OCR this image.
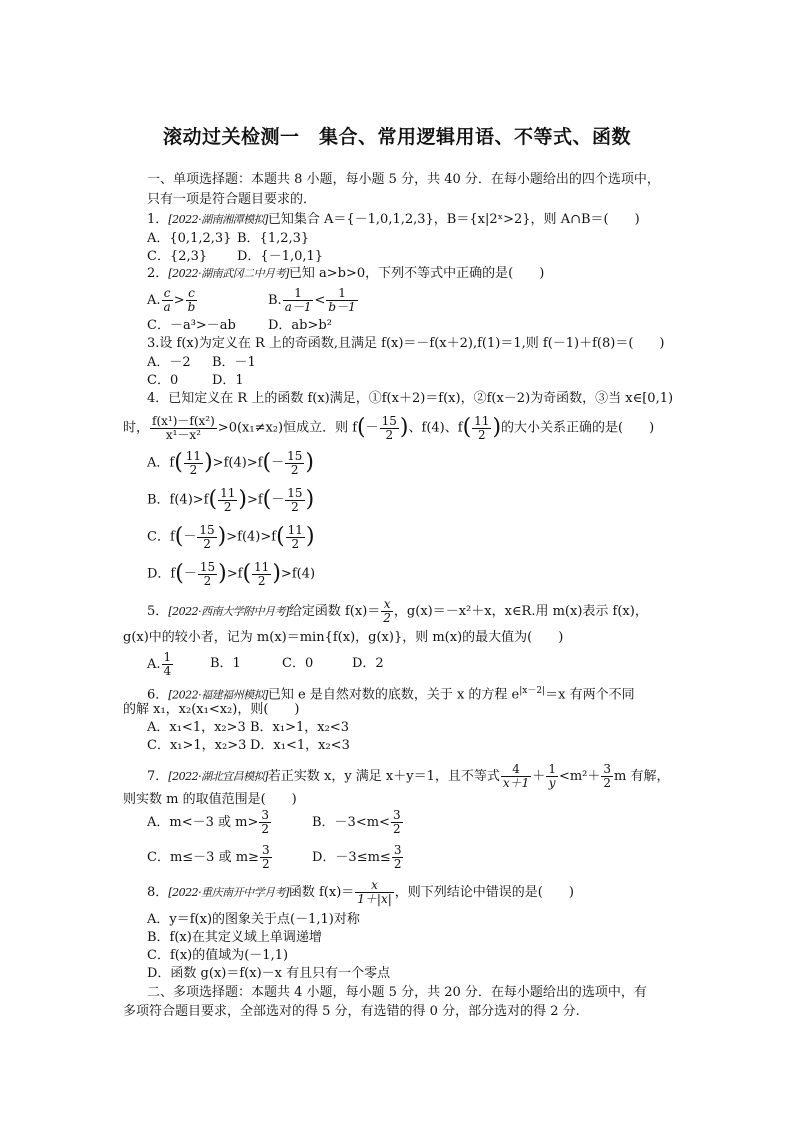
滚动过关检测一　集合、常用逻辑用语、不等式、函数
一、单项选择题：本题共 8 小题，每小题 5 分，共 40 分．在每小题给出的四个选项中，
只有一项是符合题目要求的．
1．[2022·湖南湘潭模拟]已知集合 A＝{－1,0,1,2,3}，B＝{x|2ˣ>2}，则 A∩B＝(　　)
A．{0,1,2,3} B．{1,2,3}
C．{2,3} D．{－1,0,1}
2．[2022·湖南武冈二中月考]已知 a>b>0，下列不等式中正确的是(　　)
A. $\frac{c}{a} > \frac{c}{b}$	B. $\frac{1}{a-1} < \frac{1}{b-1}$
C．－a³>－ab D．ab>b²
3.设 f(x)为定义在 R 上的奇函数,且满足 f(x)＝－f(x＋2),f(1)＝1,则 f(－1)＋f(8)＝(　　)
A．－2 B．－1
C．0	D．1
4．已知定义在 R 上的函数 f(x)满足，①f(x＋2)＝f(x)，②f(x－2)为奇函数，③当 x∈[0,1)
时， $\frac{\text{f(x¹)－f(x²)}}{\text{x¹－x²}} >0(x_1\ne x_2)$恒成立．则 $f(- \frac{15}{2}$ )、f(4)、$f( \frac{11}{2}$ )的大小关系正确的是(　　)
A．$f( \frac{11}{2} )>f(4)>f(- \frac{15}{2}$ )
B．$f(4)>f( \frac{11}{2} )>f(- \frac{15}{2}$ )
C．$f(- \frac{15}{2} )>f(4)>f( \frac{11}{2}$ )
D．$f(- \frac{15}{2} )>f( \frac{11}{2} )>f(4)$
5．[2022·西南大学附中月考]给定函数 $f(x)= \frac{x}{2}$ ，g(x)＝－x²＋x，x∈R.用 m(x)表示 f(x)，
g(x)中的较小者，记为 m(x)＝min{f(x)，g(x)}，则 m(x)的最大值为(　　)
A. $\frac{1}{4}$	B．1	C．0	D．2
6．[2022·福建福州模拟]已知 e 是自然对数的底数，关于 x 的方程 $e^{|x-2|}=x$ 有两个不同
的解 x₁，x₂(x₁<x₂)，则(　　)
A．x₁<1，x₂>3 B．x₁>1，x₂<3
C．x₁>1，x₂>3 D．x₁<1，x₂<3
7．[2022·湖北宜昌模拟]若正实数 x，y 满足 x＋y＝1，且不等式 $\frac{4}{x+1} + \frac{1}{y} <m^2+ \frac{3}{2}$ m 有解，
则实数 m 的取值范围是(　　)
A．m<－3 或 $m> \frac{3}{2}$	B．$-3<m< \frac{3}{2}$
C．m≤－3 或 $m\ge \frac{3}{2}$	D．$-3\le m\le \frac{3}{2}$
8．[2022·重庆南开中学月考]函数 $f(x)= \frac{x}{1+|x|}$ ，则下列结论中错误的是(　　)
A．y＝f(x)的图象关于点(－1,1)对称
B．f(x)在其定义域上单调递增
C．f(x)的值域为(－1,1)
D．函数 g(x)＝f(x)－x 有且只有一个零点
二、多项选择题：本题共 4 小题，每小题 5 分，共 20 分．在每小题给出的选项中，有
多项符合题目要求，全部选对的得 5 分，有选错的得 0 分，部分选对的得 2 分.
